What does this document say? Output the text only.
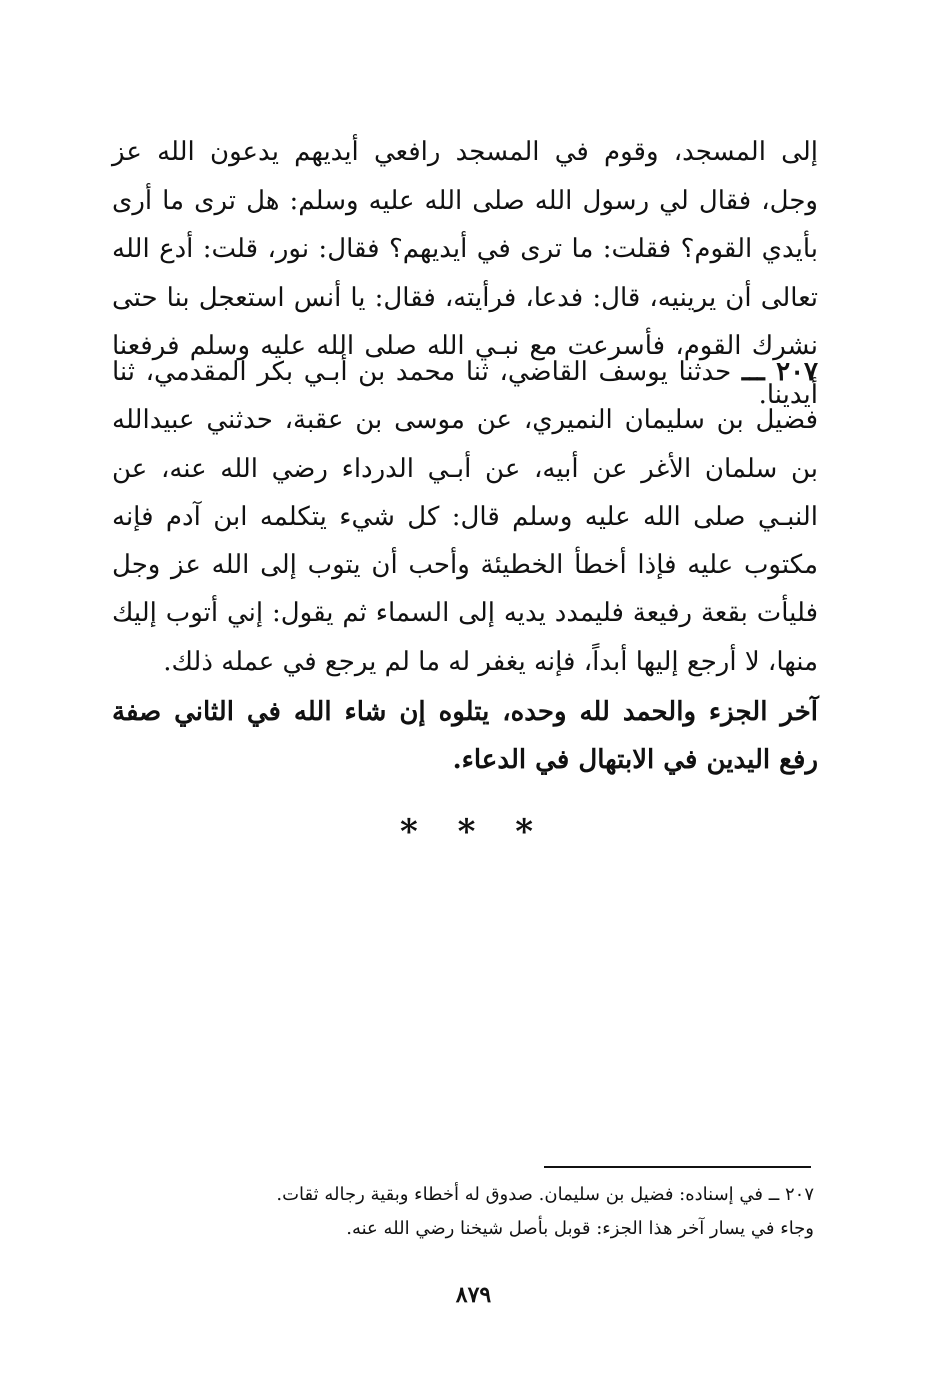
إلى المسجد، وقوم في المسجد رافعي أيديهم يدعون الله عز وجل، فقال لي رسول الله صلى الله عليه وسلم: هل ترى ما أرى بأيدي القوم؟ فقلت: ما ترى في أيديهم؟ فقال: نور، قلت: أدع الله تعالى أن يرينيه، قال: فدعا، فرأيته، فقال: يا أنس استعجل بنا حتى نشرك القوم، فأسرعت مع نبـي الله صلى الله عليه وسلم فرفعنا أيدينا.

٢٠٧ ـــ حدثنا يوسف القاضي، ثنا محمد بن أبـي بكر المقدمي، ثنا فضيل بن سليمان النميري، عن موسى بن عقبة، حدثني عبيدالله بن سلمان الأغر عن أبيه، عن أبـي الدرداء رضي الله عنه، عن النبـي صلى الله عليه وسلم قال: كل شيء يتكلمه ابن آدم فإنه مكتوب عليه فإذا أخطأ الخطيئة وأحب أن يتوب إلى الله عز وجل فليأت بقعة رفيعة فليمدد يديه إلى السماء ثم يقول: إني أتوب إليك منها، لا أرجع إليها أبداً، فإنه يغفر له ما لم يرجع في عمله ذلك.

آخر الجزء والحمد لله وحده، يتلوه إن شاء الله في الثاني صفة رفع اليدين في الابتهال في الدعاء.

* * *
٢٠٧ ــ في إسناده: فضيل بن سليمان. صدوق له أخطاء وبقية رجاله ثقات.
وجاء في يسار آخر هذا الجزء: قوبل بأصل شيخنا رضي الله عنه.
٨٧٩
